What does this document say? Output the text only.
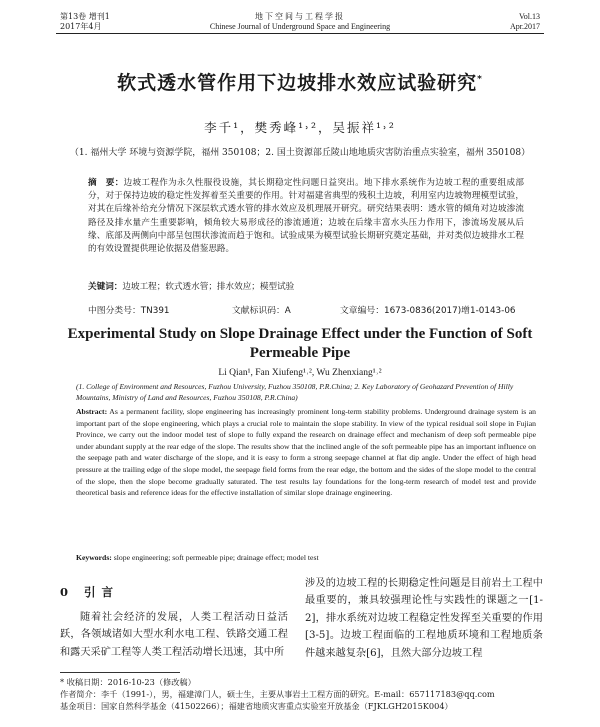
第13卷 增刊1
2017年4月
地下空间与工程学报
Chinese Journal of Underground Space and Engineering
Vol.13
Apr.2017
软式透水管作用下边坡排水效应试验研究*
李千¹，樊秀峰¹˒²，吴振祥¹˒²
（1. 福州大学 环境与资源学院，福州 350108；2. 国土资源部丘陵山地地质灾害防治重点实验室，福州 350108）
摘　要：边坡工程作为永久性服役设施，其长期稳定性问题日益突出。地下排水系统作为边坡工程的重要组成部分，对于保持边坡的稳定性发挥着至关重要的作用。针对福建省典型的残积土边坡，利用室内边坡物理模型试验，对其在后缘补给充分情况下深层软式透水管的排水效应及机理展开研究。研究结果表明：透水管的倾角对边坡渗流路径及排水量产生重要影响，倾角较大易形成径的渗流通道；边坡在后缘丰富水头压力作用下，渗流场发展从后缘、底部及两侧向中部呈包围状渗流而趋于饱和。试验成果为模型试验长期研究奠定基础，并对类似边坡排水工程的有效设置提供理论依据及借鉴思路。
关键词：边坡工程；软式透水管；排水效应；模型试验
中图分类号：TN391	文献标识码：A	文章编号：1673-0836(2017)增1-0143-06
Experimental Study on Slope Drainage Effect under the Function of Soft Permeable Pipe
Li Qian¹, Fan Xiufeng¹˒², Wu Zhenxiang¹˒²
(1. College of Environment and Resources, Fuzhou University, Fuzhou 350108, P.R.China; 2. Key Laboratory of Geohazard Prevention of Hilly Mountains, Ministry of Land and Resources, Fuzhou 350108, P.R.China)
Abstract: As a permanent facility, slope engineering has increasingly prominent long-term stability problems. Underground drainage system is an important part of the slope engineering, which plays a crucial role to maintain the slope stability. In view of the typical residual soil slope in Fujian Province, we carry out the indoor model test of slope to fully expand the research on drainage effect and mechanism of deep soft permeable pipe under abundant supply at the rear edge of the slope. The results show that the inclined angle of the soft permeable pipe has an important influence on the seepage path and water discharge of the slope, and it is easy to form a strong seepage channel at flat dip angle. Under the effect of high head pressure at the trailing edge of the slope model, the seepage field forms from the rear edge, the bottom and the sides of the slope model to the central of the slope, then the slope become gradually saturated. The test results lay foundations for the long-term research of model test and provide theoretical basis and reference ideas for the effective installation of similar slope drainage engineering.
Keywords: slope engineering; soft permeable pipe; drainage effect; model test
0 引言
随着社会经济的发展，人类工程活动日益活跃，各领域诸如大型水利水电工程、铁路交通工程和露天采矿工程等人类工程活动增长迅速，其中所
涉及的边坡工程的长期稳定性问题是目前岩土工程中最重要的，兼具较强理论性与实践性的课题之一[1-2]，排水系统对边坡工程稳定性发挥至关重要的作用[3-5]。边坡工程面临的工程地质环境和工程地质条件越来越复杂[6]，且然大部分边坡工程
* 收稿日期：2016-10-23（修改稿）
作者简介：李千（1991-），男，福建漳门人，硕士生，主要从事岩土工程方面的研究。E-mail：657117183@qq.com
基金项目：国家自然科学基金（41502266）；福建省地质灾害重点实验室开放基金（FJKLGH2015K004）
